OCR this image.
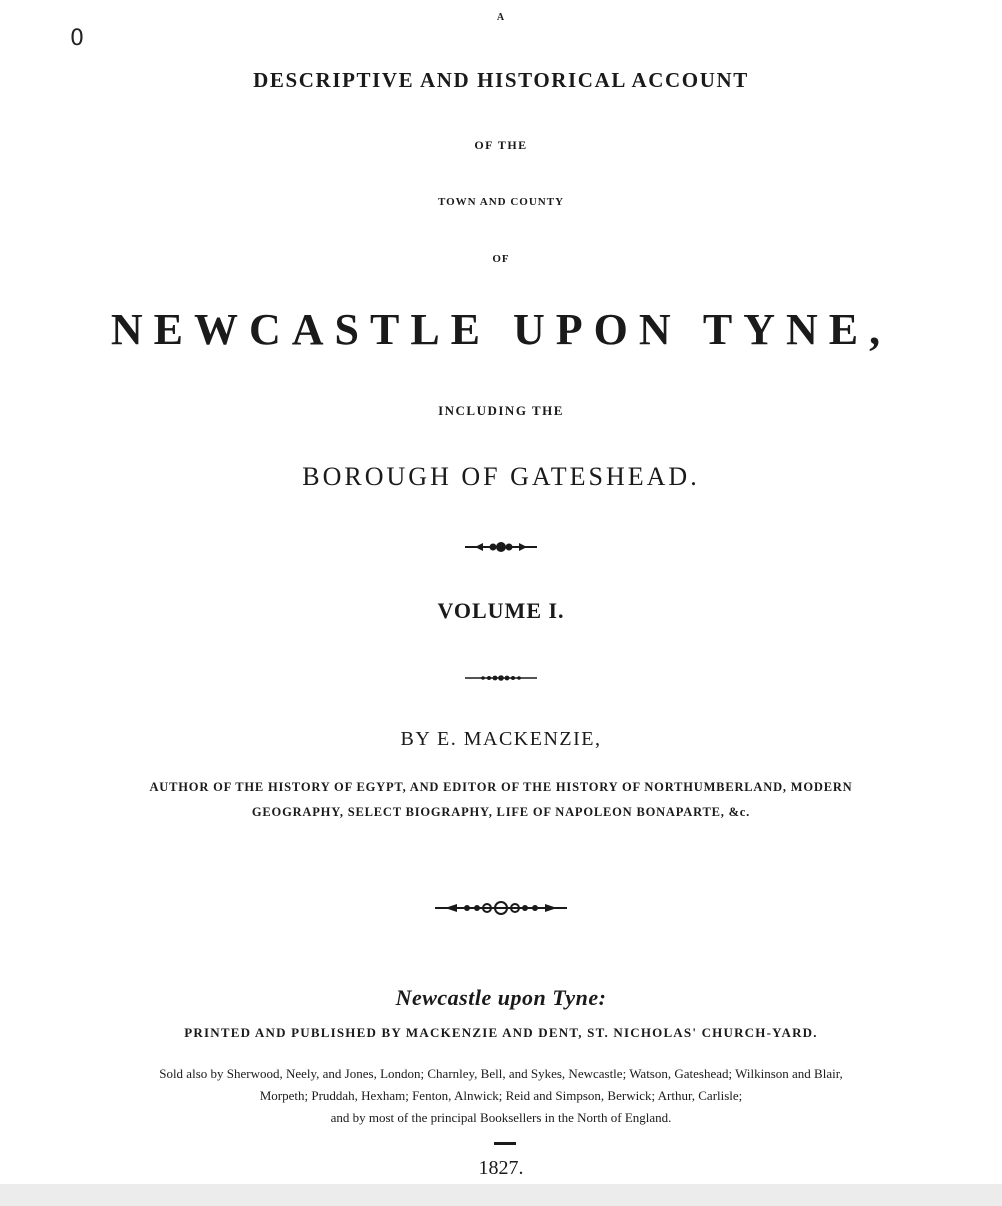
0
A
DESCRIPTIVE AND HISTORICAL ACCOUNT
OF THE
TOWN AND COUNTY
OF
NEWCASTLE UPON TYNE,
INCLUDING THE
BOROUGH OF GATESHEAD.
VOLUME I.
BY E. MACKENZIE,
AUTHOR OF THE HISTORY OF EGYPT, AND EDITOR OF THE HISTORY OF NORTHUMBERLAND, MODERN
GEOGRAPHY, SELECT BIOGRAPHY, LIFE OF NAPOLEON BONAPARTE, &c.
Newcastle upon Tyne:
PRINTED AND PUBLISHED BY MACKENZIE AND DENT, ST. NICHOLAS' CHURCH-YARD.
Sold also by Sherwood, Neely, and Jones, London; Charnley, Bell, and Sykes, Newcastle; Watson, Gateshead; Wilkinson and Blair,
Morpeth; Pruddah, Hexham; Fenton, Alnwick; Reid and Simpson, Berwick; Arthur, Carlisle;
and by most of the principal Booksellers in the North of England.
1827.
